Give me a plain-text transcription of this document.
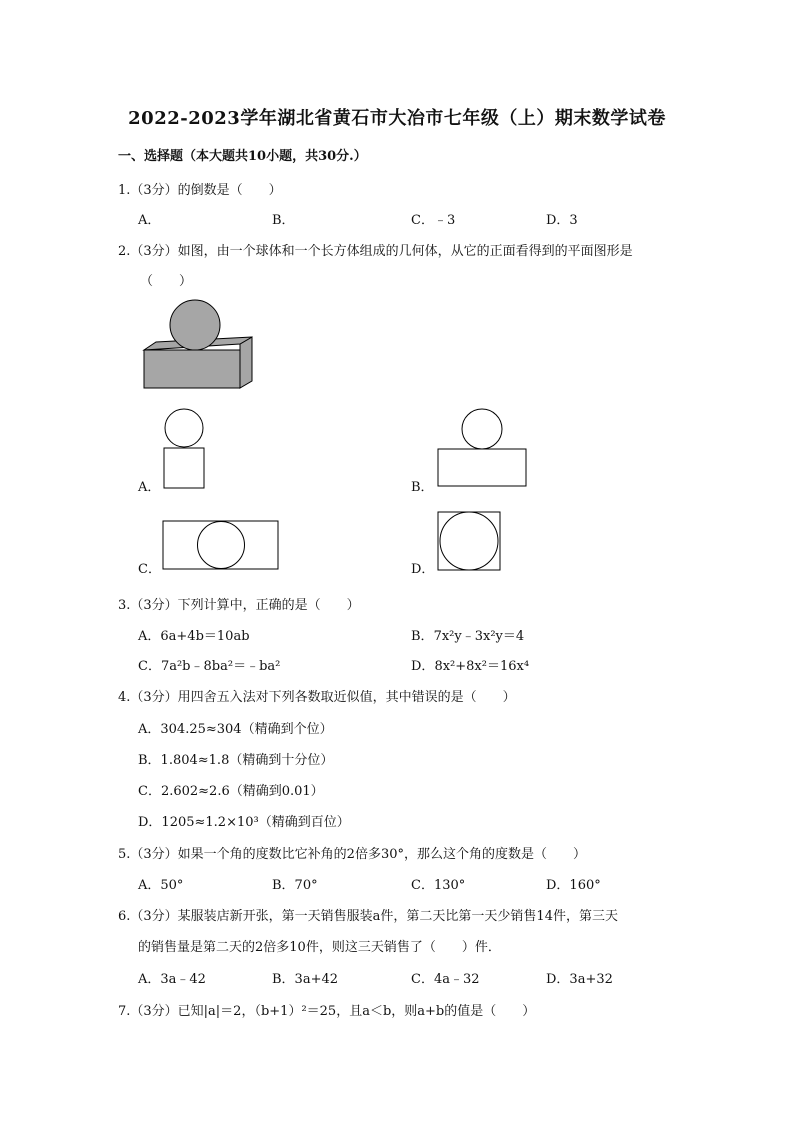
2022-2023学年湖北省黄石市大冶市七年级（上）期末数学试卷
一、选择题（本大题共10小题，共30分.）
1.（3分）的倒数是（　　）
A．	B．	C．﹣3	D．3
2.（3分）如图，由一个球体和一个长方体组成的几何体，从它的正面看得到的平面图形是
（　　）
A．	B．
C．	D．
3.（3分）下列计算中，正确的是（　　）
A．6a+4b＝10ab	B．7x²y﹣3x²y＝4
C．7a²b﹣8ba²＝﹣ba²	D．8x²+8x²＝16x⁴
4.（3分）用四舍五入法对下列各数取近似值，其中错误的是（　　）
A．304.25≈304（精确到个位）
B．1.804≈1.8（精确到十分位）
C．2.602≈2.6（精确到0.01）
D．1205≈1.2×10³（精确到百位）
5.（3分）如果一个角的度数比它补角的2倍多30°，那么这个角的度数是（　　）
A．50°	B．70°	C．130°	D．160°
6.（3分）某服装店新开张，第一天销售服装a件，第二天比第一天少销售14件，第三天
的销售量是第二天的2倍多10件，则这三天销售了（　　）件．
A．3a﹣42	B．3a+42	C．4a﹣32	D．3a+32
7.（3分）已知|a|＝2，（b+1）²＝25，且a＜b，则a+b的值是（　　）
